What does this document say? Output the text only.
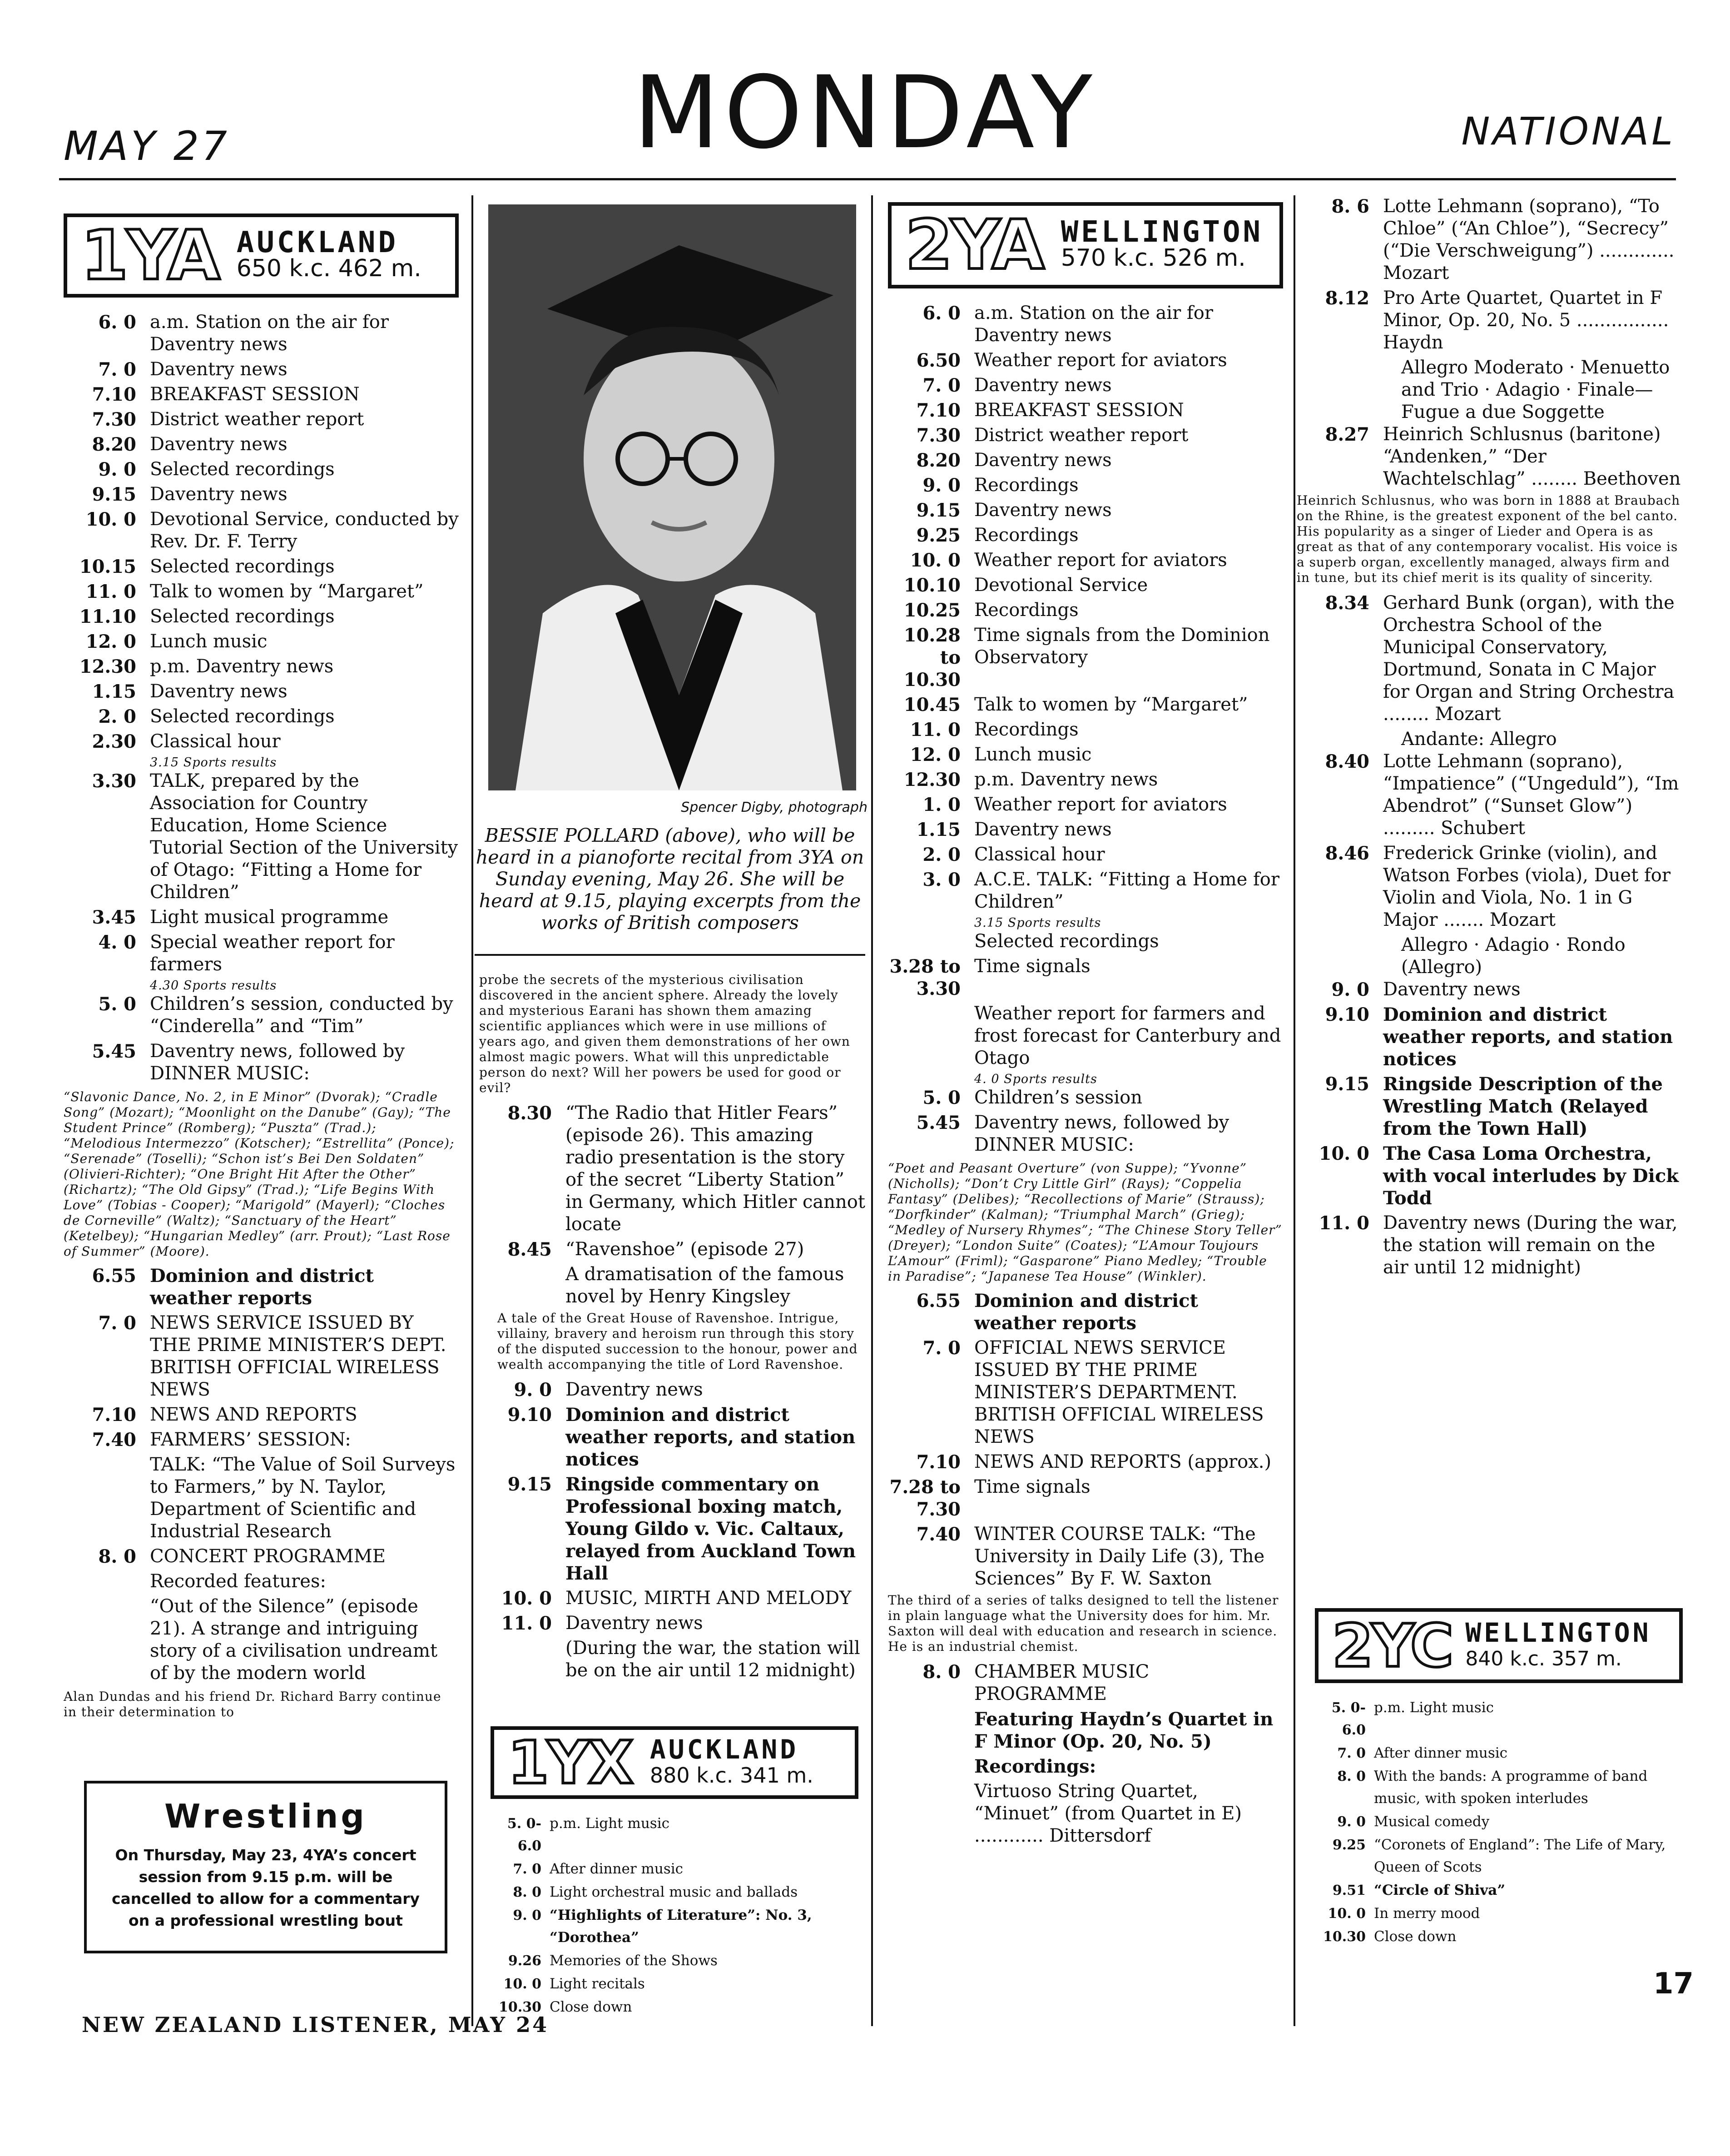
MAY 27	MONDAY	NATIONAL
1YA AUCKLAND
650 k.c. 462 m.
6. 0 a.m. Station on the air for Daventry news
7. 0 Daventry news
7.10 BREAKFAST SESSION
7.30 District weather report
8.20 Daventry news
9. 0 Selected recordings
9.15 Daventry news
10. 0 Devotional Service, conducted by Rev. Dr. F. Terry
10.15 Selected recordings
11. 0 Talk to women by “Margaret”
11.10 Selected recordings
12. 0 Lunch music
12.30 p.m. Daventry news
1.15 Daventry news
2. 0 Selected recordings
2.30 Classical hour
3.15 Sports results
3.30 TALK, prepared by the Association for Country Education, Home Science Tutorial Section of the University of Otago: “Fitting a Home for Children”
3.45 Light musical programme
4. 0 Special weather report for farmers
4.30 Sports results
5. 0 Children’s session, conducted by “Cinderella” and “Tim”
5.45 Daventry news, followed by DINNER MUSIC:
“Slavonic Dance, No. 2, in E Minor” (Dvorak); “Cradle Song” (Mozart); “Moonlight on the Danube” (Gay); “The Student Prince” (Romberg); “Puszta” (Trad.); “Melodious Intermezzo” (Kotscher); “Estrellita” (Ponce); “Serenade” (Toselli); “Schon ist’s Bei Den Soldaten” (Olivieri-Richter); “One Bright Hit After the Other” (Richartz); “The Old Gipsy” (Trad.); “Life Begins With Love” (Tobias - Cooper); “Marigold” (Mayerl); “Cloches de Corneville” (Waltz); “Sanctuary of the Heart” (Ketelbey); “Hungarian Medley” (arr. Prout); “Last Rose of Summer” (Moore).
6.55 Dominion and district weather reports
7. 0 NEWS SERVICE ISSUED BY THE PRIME MINISTER’S DEPT. BRITISH OFFICIAL WIRELESS NEWS
7.10 NEWS AND REPORTS
7.40 FARMERS’ SESSION:
TALK: “The Value of Soil Surveys to Farmers,” by N. Taylor, Department of Scientific and Industrial Research
8. 0 CONCERT PROGRAMME
Recorded features:
“Out of the Silence” (episode 21). A strange and intriguing story of a civilisation undreamt of by the modern world
Alan Dundas and his friend Dr. Richard Barry continue in their determination to
Wrestling
On Thursday, May 23, 4YA’s concert session from 9.15 p.m. will be cancelled to allow for a commentary on a professional wrestling bout
Spencer Digby, photograph
BESSIE POLLARD (above), who will be heard in a pianoforte recital from 3YA on Sunday evening, May 26. She will be heard at 9.15, playing excerpts from the works of British composers
probe the secrets of the mysterious civilisation discovered in the ancient sphere. Already the lovely and mysterious Earani has shown them amazing scientific appliances which were in use millions of years ago, and given them demonstrations of her own almost magic powers. What will this unpredictable person do next? Will her powers be used for good or evil?
8.30 “The Radio that Hitler Fears” (episode 26). This amazing radio presentation is the story of the secret “Liberty Station” in Germany, which Hitler cannot locate
8.45 “Ravenshoe” (episode 27)
A dramatisation of the famous novel by Henry Kingsley
A tale of the Great House of Ravenshoe. Intrigue, villainy, bravery and heroism run through this story of the disputed succession to the honour, power and wealth accompanying the title of Lord Ravenshoe.
9. 0 Daventry news
9.10 Dominion and district weather reports, and station notices
9.15 Ringside commentary on Professional boxing match, Young Gildo v. Vic. Caltaux, relayed from Auckland Town Hall
10. 0 MUSIC, MIRTH AND MELODY
11. 0 Daventry news
(During the war, the station will be on the air until 12 midnight)
1YX AUCKLAND
880 k.c. 341 m.
5. 0-6.0
p.m. Light music
7. 0 After dinner music
8. 0 Light orchestral music and ballads
9. 0 “Highlights of Literature”: No. 3, “Dorothea”
9.26 Memories of the Shows
10. 0 Light recitals
10.30 Close down
2YA WELLINGTON
570 k.c. 526 m.
6. 0 a.m. Station on the air for Daventry news
6.50 Weather report for aviators
7. 0 Daventry news
7.10 BREAKFAST SESSION
7.30 District weather report
8.20 Daventry news
9. 0 Recordings
9.15 Daventry news
9.25 Recordings
10. 0 Weather report for aviators
10.10 Devotional Service
10.25 Recordings
10.28 to 10.30
Time signals from the Dominion Observatory
10.45 Talk to women by “Margaret”
11. 0 Recordings
12. 0 Lunch music
12.30 p.m. Daventry news
1. 0 Weather report for aviators
1.15 Daventry news
2. 0 Classical hour
3. 0 A.C.E. TALK: “Fitting a Home for Children”
3.15 Sports results
Selected recordings
3.28 to 3.30
Time signals
Weather report for farmers and frost forecast for Canterbury and Otago
4. 0 Sports results
5. 0 Children’s session
5.45 Daventry news, followed by DINNER MUSIC:
“Poet and Peasant Overture” (von Suppe); “Yvonne” (Nicholls); “Don’t Cry Little Girl” (Rays); “Coppelia Fantasy” (Delibes); “Recollections of Marie” (Strauss); “Dorfkinder” (Kalman); “Triumphal March” (Grieg); “Medley of Nursery Rhymes”; “The Chinese Story Teller” (Dreyer); “London Suite” (Coates); “L’Amour Toujours L’Amour” (Friml); “Gasparone” Piano Medley; “Trouble in Paradise”; “Japanese Tea House” (Winkler).
6.55 Dominion and district weather reports
7. 0 OFFICIAL NEWS SERVICE ISSUED BY THE PRIME MINISTER’S DEPARTMENT. BRITISH OFFICIAL WIRELESS NEWS
7.10 NEWS AND REPORTS (approx.)
7.28 to 7.30
Time signals
7.40 WINTER COURSE TALK: “The University in Daily Life (3), The Sciences” By F. W. Saxton
The third of a series of talks designed to tell the listener in plain language what the University does for him. Mr. Saxton will deal with education and research in science. He is an industrial chemist.
8. 0 CHAMBER MUSIC PROGRAMME
Featuring Haydn’s Quartet in F Minor (Op. 20, No. 5)
Recordings:
Virtuoso String Quartet, “Minuet” (from Quartet in E) ............ Dittersdorf
8. 6 Lotte Lehmann (soprano), “To Chloe” (“An Chloe”), “Secrecy” (“Die Verschweigung”) ............. Mozart
8.12 Pro Arte Quartet, Quartet in F Minor, Op. 20, No. 5 ................ Haydn
Allegro Moderato · Menuetto and Trio · Adagio · Finale—Fugue a due Soggette
8.27 Heinrich Schlusnus (baritone) “Andenken,” “Der Wachtelschlag” ........ Beethoven
Heinrich Schlusnus, who was born in 1888 at Braubach on the Rhine, is the greatest exponent of the bel canto. His popularity as a singer of Lieder and Opera is as great as that of any contemporary vocalist. His voice is a superb organ, excellently managed, always firm and in tune, but its chief merit is its quality of sincerity.
8.34 Gerhard Bunk (organ), with the Orchestra School of the Municipal Conservatory, Dortmund, Sonata in C Major for Organ and String Orchestra ........ Mozart
Andante: Allegro
8.40 Lotte Lehmann (soprano), “Impatience” (“Ungeduld”), “Im Abendrot” (“Sunset Glow”) ......... Schubert
8.46 Frederick Grinke (violin), and Watson Forbes (viola), Duet for Violin and Viola, No. 1 in G Major ....... Mozart
Allegro · Adagio · Rondo (Allegro)
9. 0 Daventry news
9.10 Dominion and district weather reports, and station notices
9.15 Ringside Description of the Wrestling Match (Relayed from the Town Hall)
10. 0 The Casa Loma Orchestra, with vocal interludes by Dick Todd
11. 0 Daventry news (During the war, the station will remain on the air until 12 midnight)
2YC WELLINGTON
840 k.c. 357 m.
5. 0-6.0
p.m. Light music
7. 0 After dinner music
8. 0 With the bands: A programme of band music, with spoken interludes
9. 0 Musical comedy
9.25 “Coronets of England”: The Life of Mary, Queen of Scots
9.51 “Circle of Shiva”
10. 0 In merry mood
10.30 Close down
NEW ZEALAND LISTENER, MAY 24
17
